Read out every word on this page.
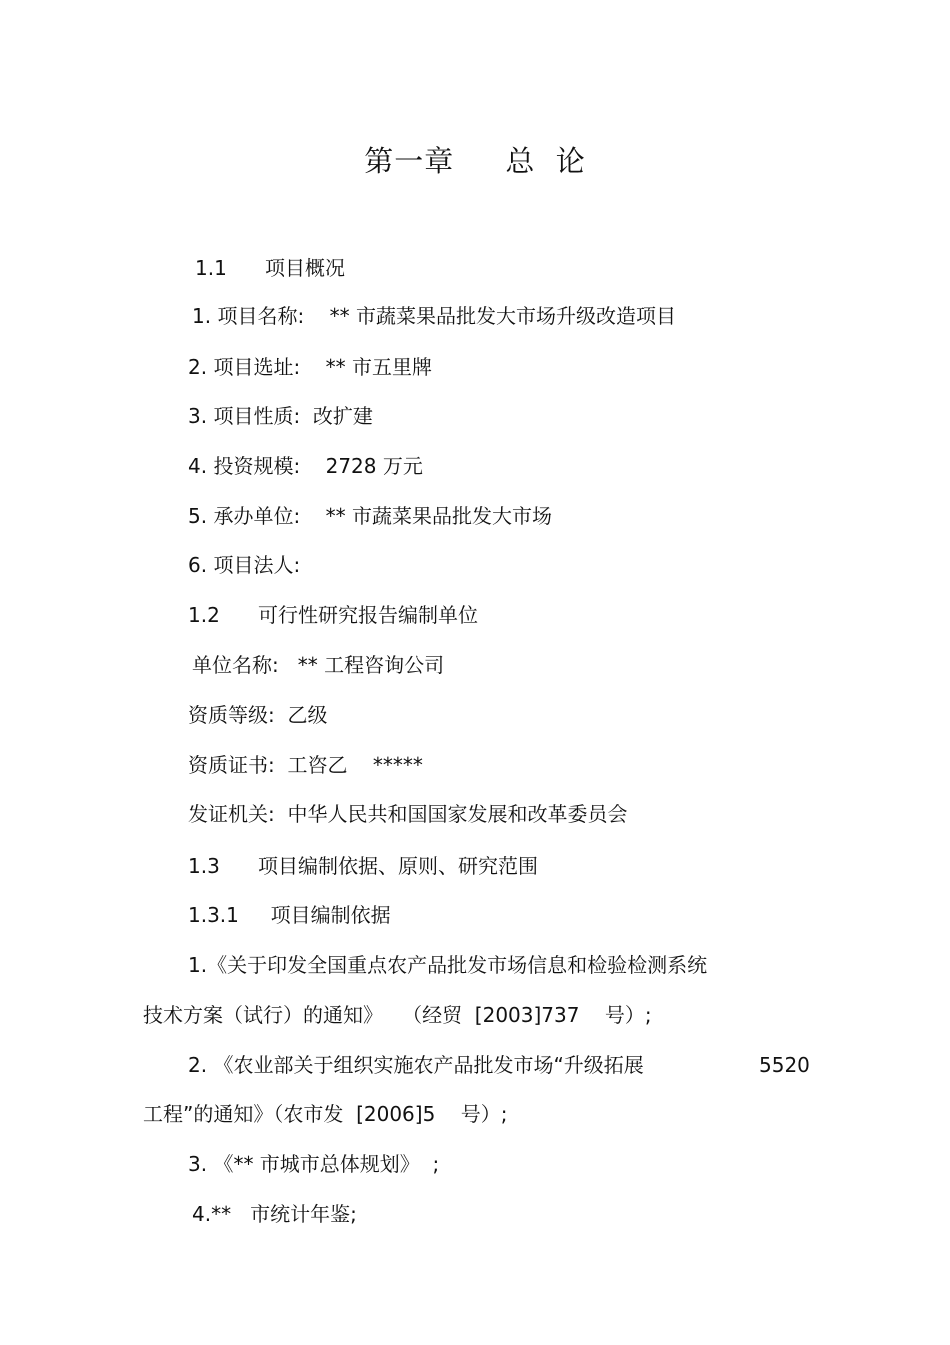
第一章     总  论
1.1      项目概况
1. 项目名称:    ** 市蔬菜果品批发大市场升级改造项目
2. 项目选址:    ** 市五里牌
3. 项目性质:  改扩建
4. 投资规模:    2728 万元
5. 承办单位:    ** 市蔬菜果品批发大市场
6. 项目法人:
1.2      可行性研究报告编制单位
单位名称:   ** 工程咨询公司
资质等级:  乙级
资质证书:  工咨乙    *****
发证机关:  中华人民共和国国家发展和改革委员会
1.3      项目编制依据、原则、研究范围
1.3.1     项目编制依据
1.《关于印发全国重点农产品批发市场信息和检验检测系统
技术方案（试行）的通知》   （经贸  [2003]737    号）;
2. 《农业部关于组织实施农产品批发市场“升级拓展	5520
工程”的通知》（农市发  [2006]5    号）;
3. 《** 市城市总体规划》  ;
4.**   市统计年鉴;
